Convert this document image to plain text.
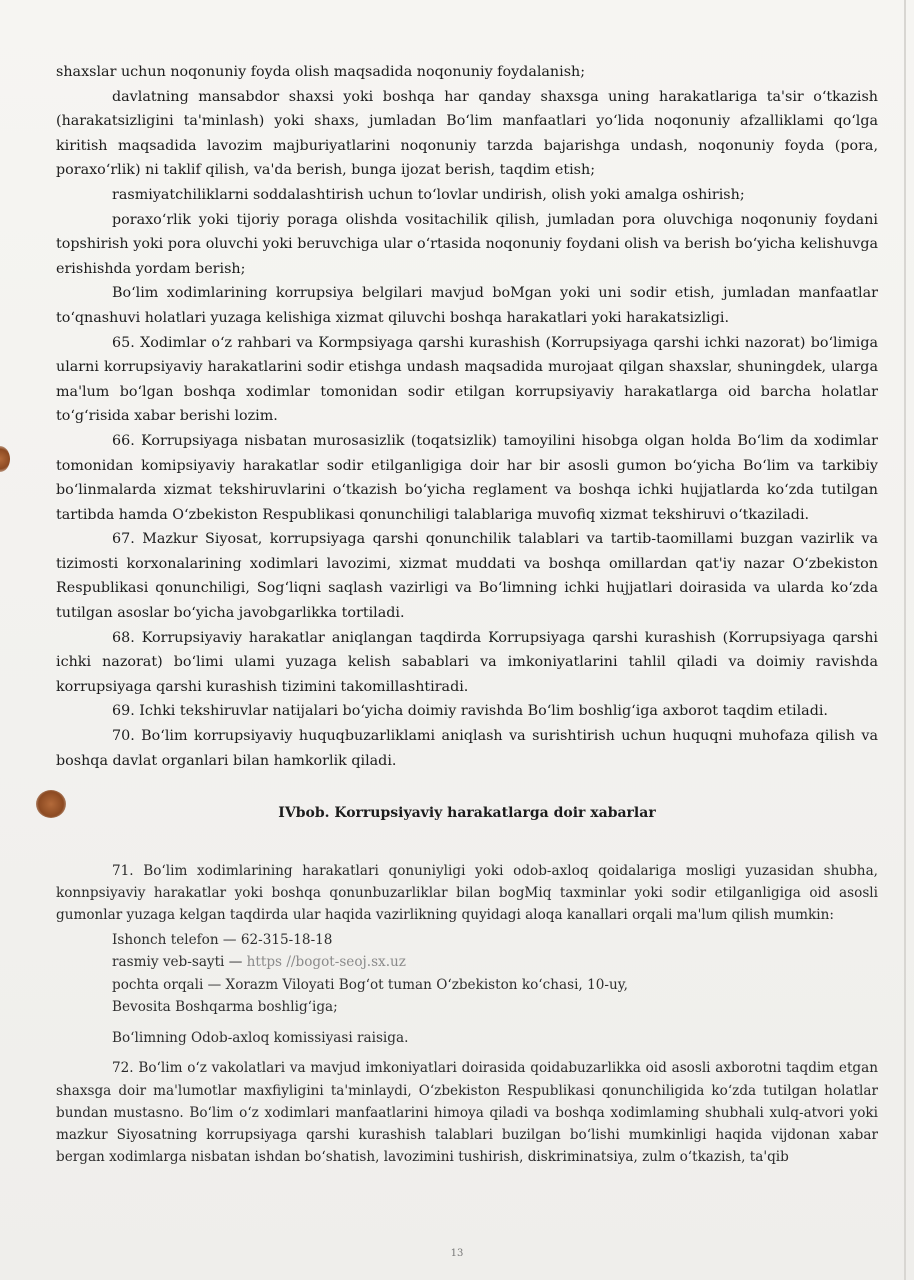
shaxslar uchun noqonuniy foyda olish maqsadida noqonuniy foydalanish;

davlatning mansabdor shaxsi yoki boshqa har qanday shaxsga uning harakatlariga ta'sir o‘tkazish (harakatsizligini ta'minlash) yoki shaxs, jumladan Bo‘lim manfaatlari yo‘lida noqonuniy afzalliklami qo‘lga kiritish maqsadida lavozim majburiyatlarini noqonuniy tarzda bajarishga undash, noqonuniy foyda (pora, poraxo‘rlik) ni taklif qilish, va'da berish, bunga ijozat berish, taqdim etish;

rasmiyatchiliklarni soddalashtirish uchun to‘lovlar undirish, olish yoki amalga oshirish;

poraxo‘rlik yoki tijoriy poraga olishda vositachilik qilish, jumladan pora oluvchiga noqonuniy foydani topshirish yoki pora oluvchi yoki beruvchiga ular o‘rtasida noqonuniy foydani olish va berish bo‘yicha kelishuvga erishishda yordam berish;

Bo‘lim xodimlarining korrupsiya belgilari mavjud boMgan yoki uni sodir etish, jumladan manfaatlar to‘qnashuvi holatlari yuzaga kelishiga xizmat qiluvchi boshqa harakatlari yoki harakatsizligi.

65. Xodimlar o‘z rahbari va Kormpsiyaga qarshi kurashish (Korrupsiyaga qarshi ichki nazorat) bo‘limiga ularni korrupsiyaviy harakatlarini sodir etishga undash maqsadida murojaat qilgan shaxslar, shuningdek, ularga ma'lum bo‘lgan boshqa xodimlar tomonidan sodir etilgan korrupsiyaviy harakatlarga oid barcha holatlar to‘g‘risida xabar berishi lozim.

66. Korrupsiyaga nisbatan murosasizlik (toqatsizlik) tamoyilini hisobga olgan holda Bo‘lim da xodimlar tomonidan komipsiyaviy harakatlar sodir etilganligiga doir har bir asosli gumon bo‘yicha Bo‘lim va tarkibiy bo‘linmalarda xizmat tekshiruvlarini o‘tkazish bo‘yicha reglament va boshqa ichki hujjatlarda ko‘zda tutilgan tartibda hamda O‘zbekiston Respublikasi qonunchiligi talablariga muvofiq xizmat tekshiruvi o‘tkaziladi.

67. Mazkur Siyosat, korrupsiyaga qarshi qonunchilik talablari va tartib-taomillami buzgan vazirlik va tizimosti korxonalarining xodimlari lavozimi, xizmat muddati va boshqa omillardan qat'iy nazar O‘zbekiston Respublikasi qonunchiligi, Sog‘liqni saqlash vazirligi va Bo‘limning ichki hujjatlari doirasida va ularda ko‘zda tutilgan asoslar bo‘yicha javobgarlikka tortiladi.

68. Korrupsiyaviy harakatlar aniqlangan taqdirda Korrupsiyaga qarshi kurashish (Korrupsiyaga qarshi ichki nazorat) bo‘limi ulami yuzaga kelish sabablari va imkoniyatlarini tahlil qiladi va doimiy ravishda korrupsiyaga qarshi kurashish tizimini takomillashtiradi.

69. Ichki tekshiruvlar natijalari bo‘yicha doimiy ravishda Bo‘lim boshlig‘iga axborot taqdim etiladi.

70. Bo‘lim korrupsiyaviy huquqbuzarliklami aniqlash va surishtirish uchun huquqni muhofaza qilish va boshqa davlat organlari bilan hamkorlik qiladi.

IVbob. Korrupsiyaviy harakatlarga doir xabarlar

71. Bo‘lim xodimlarining harakatlari qonuniyligi yoki odob-axloq qoidalariga mosligi yuzasidan shubha, konnpsiyaviy harakatlar yoki boshqa qonunbuzarliklar bilan bogMiq taxminlar yoki sodir etilganligiga oid asosli gumonlar yuzaga kelgan taqdirda ular haqida vazirlikning quyidagi aloqa kanallari orqali ma'lum qilish mumkin:

Ishonch telefon — 62-315-18-18

rasmiy veb-sayti — https //bogot-seoj.sx.uz

pochta orqali — Xorazm Viloyati Bog‘ot tuman O‘zbekiston ko‘chasi, 10-uy,

Bevosita Boshqarma boshlig‘iga;

Bo‘limning Odob-axloq komissiyasi raisiga.

72. Bo‘lim o‘z vakolatlari va mavjud imkoniyatlari doirasida qoidabuzarlikka oid asosli axborotni taqdim etgan shaxsga doir ma'lumotlar maxfiyligini ta'minlaydi, O‘zbekiston Respublikasi qonunchiligida ko‘zda tutilgan holatlar bundan mustasno. Bo‘lim o‘z xodimlari manfaatlarini himoya qiladi va boshqa xodimlaming shubhali xulq-atvori yoki mazkur Siyosatning korrupsiyaga qarshi kurashish talablari buzilgan bo‘lishi mumkinligi haqida vijdonan xabar bergan xodimlarga nisbatan ishdan bo‘shatish, lavozimini tushirish, diskriminatsiya, zulm o‘tkazish, ta'qib

13
